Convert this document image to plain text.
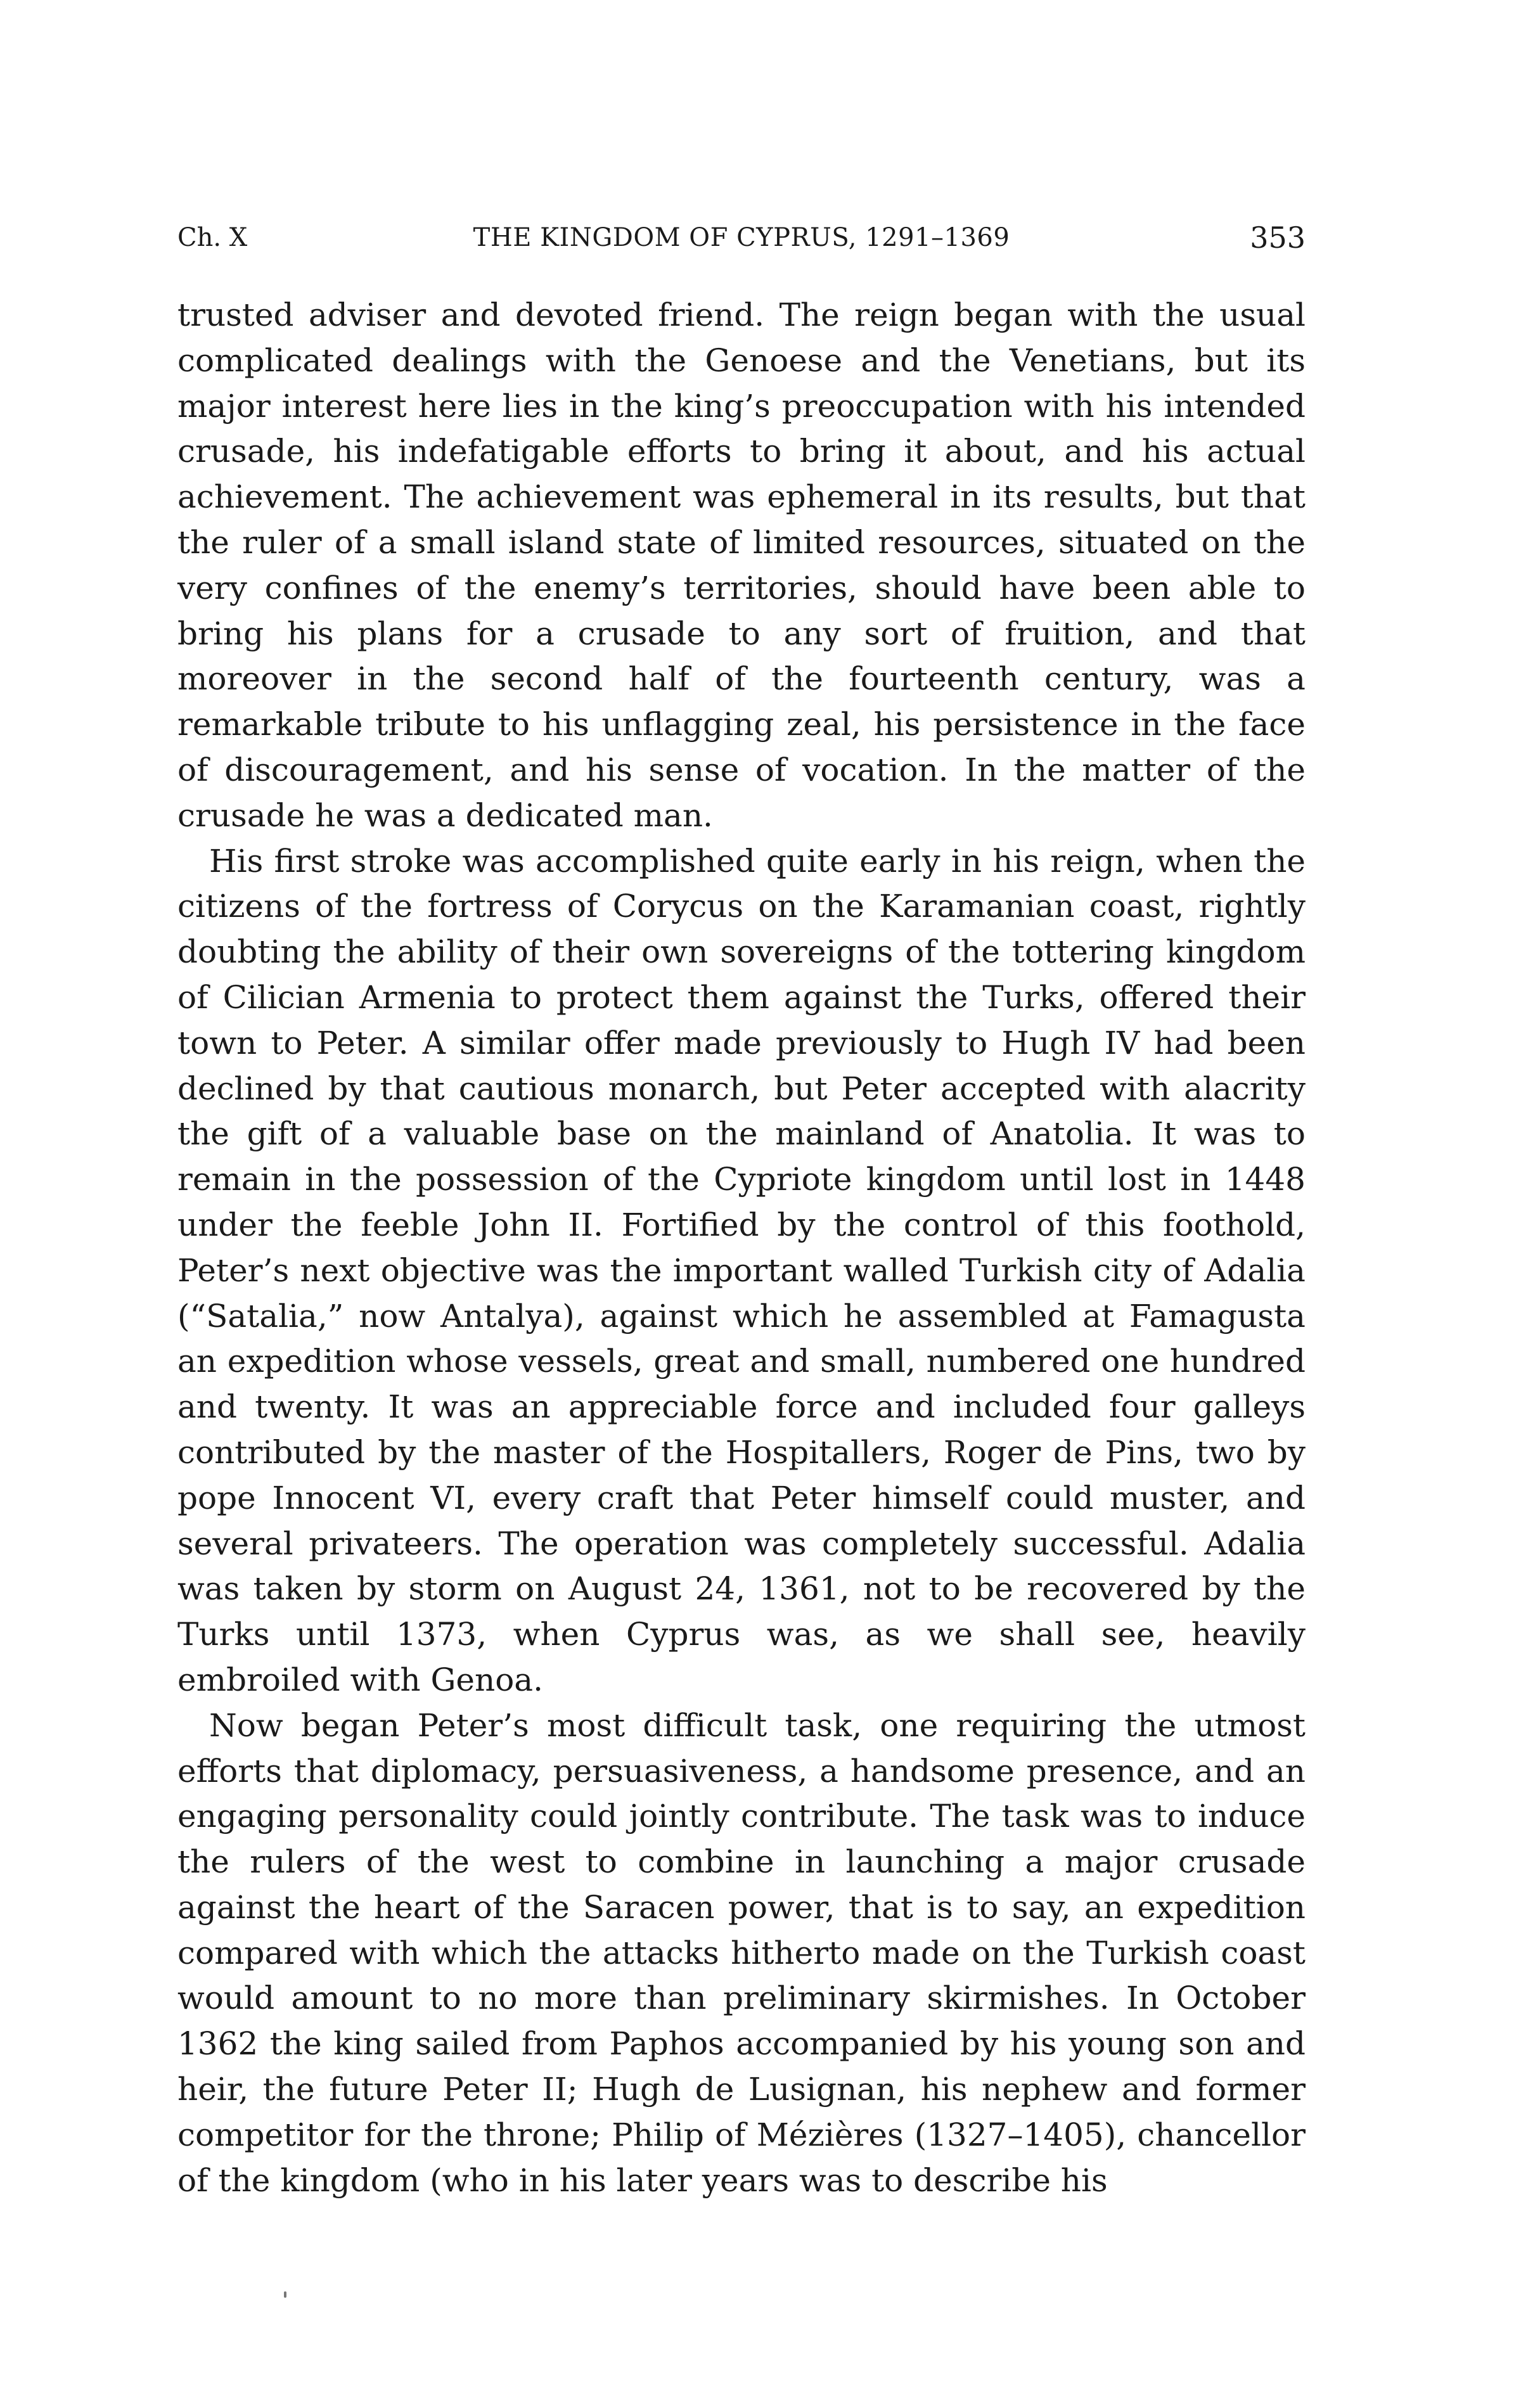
Ch. X	THE KINGDOM OF CYPRUS, 1291–1369	353

trusted adviser and devoted friend. The reign began with the usual complicated dealings with the Genoese and the Venetians, but its major interest here lies in the king’s preoccupation with his intended crusade, his indefatigable efforts to bring it about, and his actual achievement. The achievement was ephemeral in its results, but that the ruler of a small island state of limited resources, situated on the very confines of the enemy’s territories, should have been able to bring his plans for a crusade to any sort of fruition, and that moreover in the second half of the fourteenth century, was a remarkable tribute to his unflagging zeal, his persistence in the face of discouragement, and his sense of vocation. In the matter of the crusade he was a dedicated man.

His first stroke was accomplished quite early in his reign, when the citizens of the fortress of Corycus on the Karamanian coast, rightly doubting the ability of their own sovereigns of the tottering kingdom of Cilician Armenia to protect them against the Turks, offered their town to Peter. A similar offer made previously to Hugh IV had been declined by that cautious monarch, but Peter accepted with alacrity the gift of a valuable base on the mainland of Anatolia. It was to remain in the possession of the Cypriote kingdom until lost in 1448 under the feeble John II. Fortified by the control of this foothold, Peter’s next objective was the important walled Turkish city of Adalia (“Satalia,” now Antalya), against which he assembled at Famagusta an expedition whose vessels, great and small, numbered one hundred and twenty. It was an appreciable force and included four galleys contributed by the master of the Hospitallers, Roger de Pins, two by pope Innocent VI, every craft that Peter himself could muster, and several privateers. The operation was completely successful. Adalia was taken by storm on August 24, 1361, not to be recovered by the Turks until 1373, when Cyprus was, as we shall see, heavily embroiled with Genoa.

Now began Peter’s most difficult task, one requiring the utmost efforts that diplomacy, persuasiveness, a handsome presence, and an engaging personality could jointly contribute. The task was to induce the rulers of the west to combine in launching a major crusade against the heart of the Saracen power, that is to say, an expedition compared with which the attacks hitherto made on the Turkish coast would amount to no more than preliminary skirmishes. In October 1362 the king sailed from Paphos accompanied by his young son and heir, the future Peter II; Hugh de Lusignan, his nephew and former competitor for the throne; Philip of Mézières (1327–1405), chancellor of the kingdom (who in his later years was to describe his
